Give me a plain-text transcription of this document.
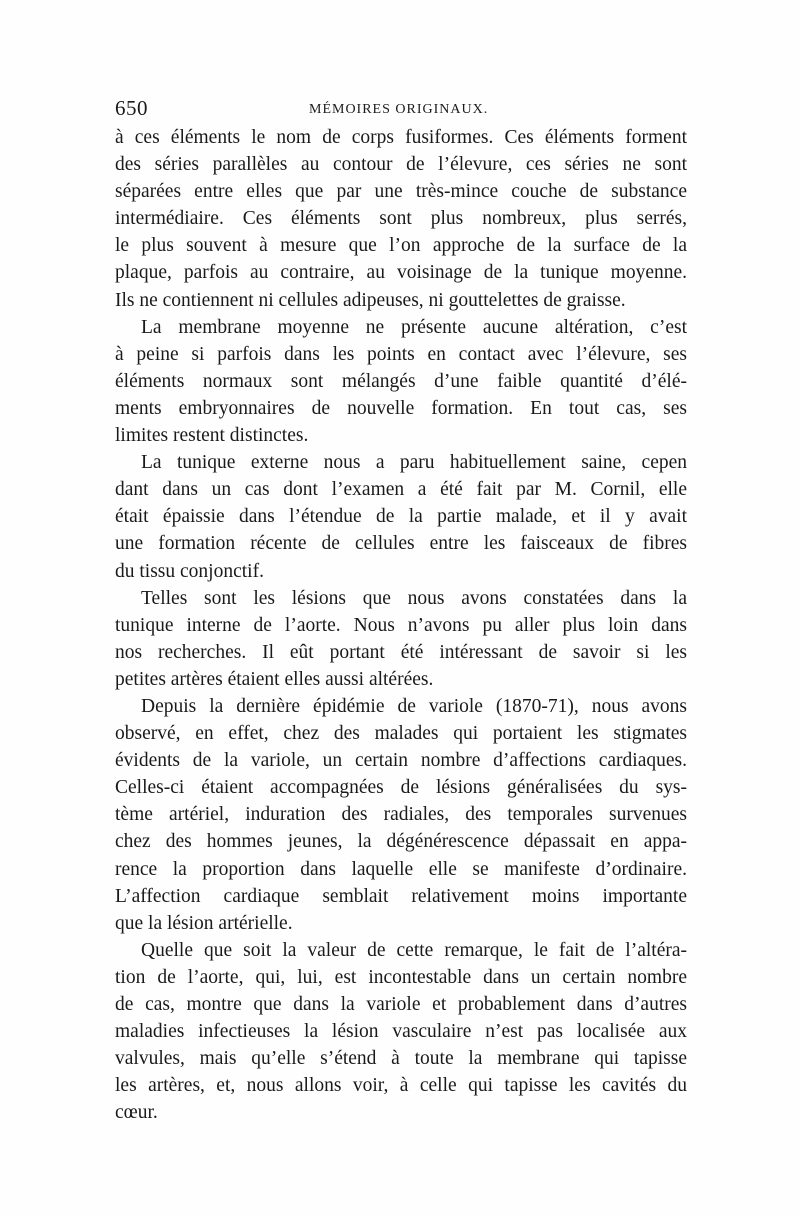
650	MÉMOIRES ORIGINAUX.
à ces éléments le nom de corps fusiformes. Ces éléments forment
des séries parallèles au contour de l’élevure, ces séries ne sont
séparées entre elles que par une très-mince couche de substance
intermédiaire. Ces éléments sont plus nombreux, plus serrés,
le plus souvent à mesure que l’on approche de la surface de la
plaque, parfois au contraire, au voisinage de la tunique moyenne.
Ils ne contiennent ni cellules adipeuses, ni gouttelettes de graisse.
La membrane moyenne ne présente aucune altération, c’est
à peine si parfois dans les points en contact avec l’élevure, ses
éléments normaux sont mélangés d’une faible quantité d’élé-
ments embryonnaires de nouvelle formation. En tout cas, ses
limites restent distinctes.
La tunique externe nous a paru habituellement saine, cepen
dant dans un cas dont l’examen a été fait par M. Cornil, elle
était épaissie dans l’étendue de la partie malade, et il y avait
une formation récente de cellules entre les faisceaux de fibres
du tissu conjonctif.
Telles sont les lésions que nous avons constatées dans la
tunique interne de l’aorte. Nous n’avons pu aller plus loin dans
nos recherches. Il eût portant été intéressant de savoir si les
petites artères étaient elles aussi altérées.
Depuis la dernière épidémie de variole (1870-71), nous avons
observé, en effet, chez des malades qui portaient les stigmates
évidents de la variole, un certain nombre d’affections cardiaques.
Celles-ci étaient accompagnées de lésions généralisées du sys-
tème artériel, induration des radiales, des temporales survenues
chez des hommes jeunes, la dégénérescence dépassait en appa-
rence la proportion dans laquelle elle se manifeste d’ordinaire.
L’affection cardiaque semblait relativement moins importante
que la lésion artérielle.
Quelle que soit la valeur de cette remarque, le fait de l’altéra-
tion de l’aorte, qui, lui, est incontestable dans un certain nombre
de cas, montre que dans la variole et probablement dans d’autres
maladies infectieuses la lésion vasculaire n’est pas localisée aux
valvules, mais qu’elle s’étend à toute la membrane qui tapisse
les artères, et, nous allons voir, à celle qui tapisse les cavités du
cœur.
